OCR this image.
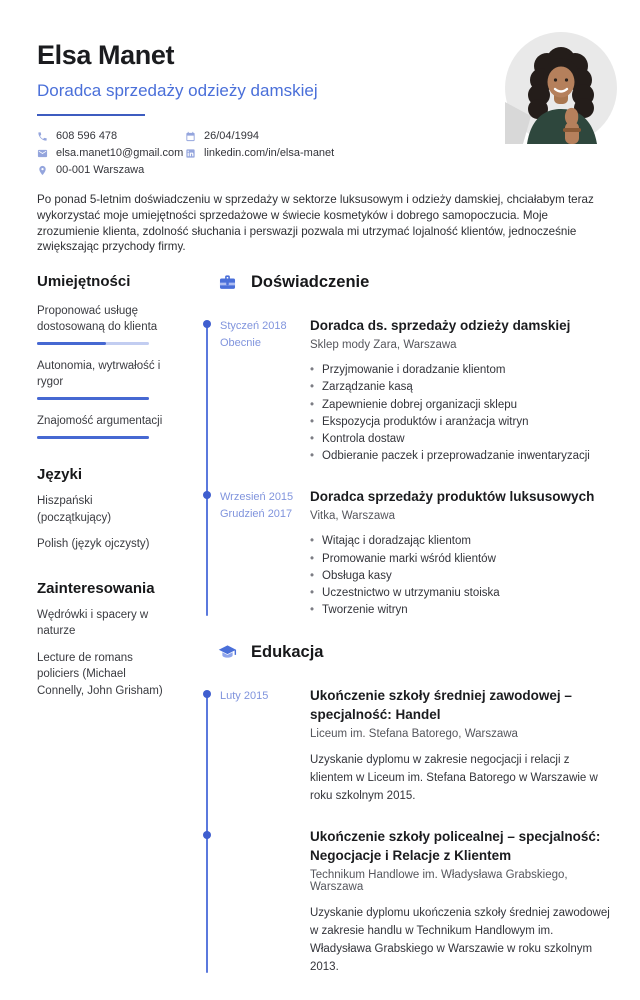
Elsa Manet
Doradca sprzedaży odzieży damskiej
608 596 478
elsa.manet10@gmail.com
00-001 Warszawa
26/04/1994
linkedin.com/in/elsa-manet

Po ponad 5-letnim doświadczeniu w sprzedaży w sektorze luksusowym i odzieży damskiej, chciałabym teraz wykorzystać moje umiejętności sprzedażowe w świecie kosmetyków i dobrego samopoczucia. Moje zrozumienie klienta, zdolność słuchania i perswazji pozwala mi utrzymać lojalność klientów, jednocześnie zwiększając przychody firmy.

Umiejętności
Proponować usługę dostosowaną do klienta
Autonomia, wytrwałość i rygor
Znajomość argumentacji
Języki
Hiszpański (początkujący)
Polish (język ojczysty)
Zainteresowania
Wędrówki i spacery w naturze
Lecture de romans policiers (Michael Connelly, John Grisham)
Doświadczenie
Styczeń 2018
Obecnie
Doradca ds. sprzedaży odzieży damskiej
Sklep mody Zara, Warszawa
• Przyjmowanie i doradzanie klientom
• Zarządzanie kasą
• Zapewnienie dobrej organizacji sklepu
• Ekspozycja produktów i aranżacja witryn
• Kontrola dostaw
• Odbieranie paczek i przeprowadzanie inwentaryzacji
Wrzesień 2015
Grudzień 2017
Doradca sprzedaży produktów luksusowych
Vitka, Warszawa
• Witając i doradzając klientom
• Promowanie marki wśród klientów
• Obsługa kasy
• Uczestnictwo w utrzymaniu stoiska
• Tworzenie witryn
Edukacja
Luty 2015	Ukończenie szkoły średniej zawodowej – specjalność: Handel
Liceum im. Stefana Batorego, Warszawa
Uzyskanie dyplomu w zakresie negocjacji i relacji z klientem w Liceum im. Stefana Batorego w Warszawie w roku szkolnym 2015.
Ukończenie szkoły policealnej – specjalność: Negocjacje i Relacje z Klientem
Technikum Handlowe im. Władysława Grabskiego, Warszawa
Uzyskanie dyplomu ukończenia szkoły średniej zawodowej w zakresie handlu w Technikum Handlowym im. Władysława Grabskiego w Warszawie w roku szkolnym 2013.
